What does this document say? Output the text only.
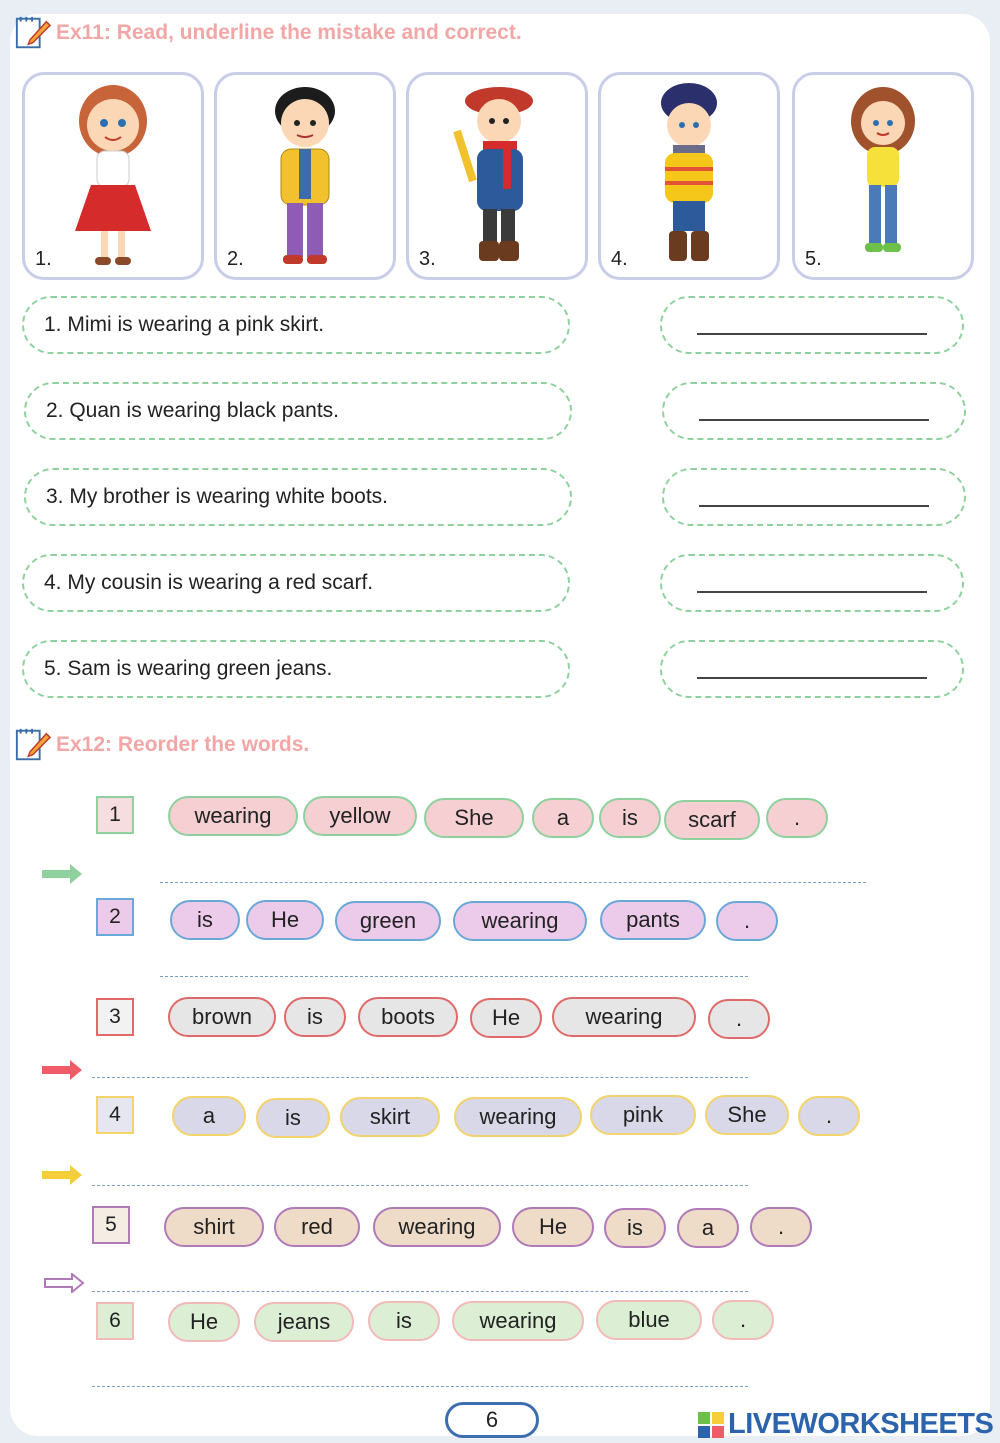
Ex11: Read, underline the mistake and correct.
1.	2.	3.	4.	5.
1. Mimi is wearing a pink skirt.
2. Quan is wearing black pants.
3. My brother is wearing white boots.
4. My cousin is wearing a red scarf.
5. Sam is wearing green jeans.
Ex12: Reorder the words.
1	wearing	yellow	She	a	is	scarf	.
2	is	He	green	wearing	pants	.
3	brown	is	boots	He	wearing	.
4	a	is	skirt	wearing	pink	She	.
5	shirt	red	wearing	He	is	a	.
6	He	jeans	is	wearing	blue	.
6	LIVEWORKSHEETS
